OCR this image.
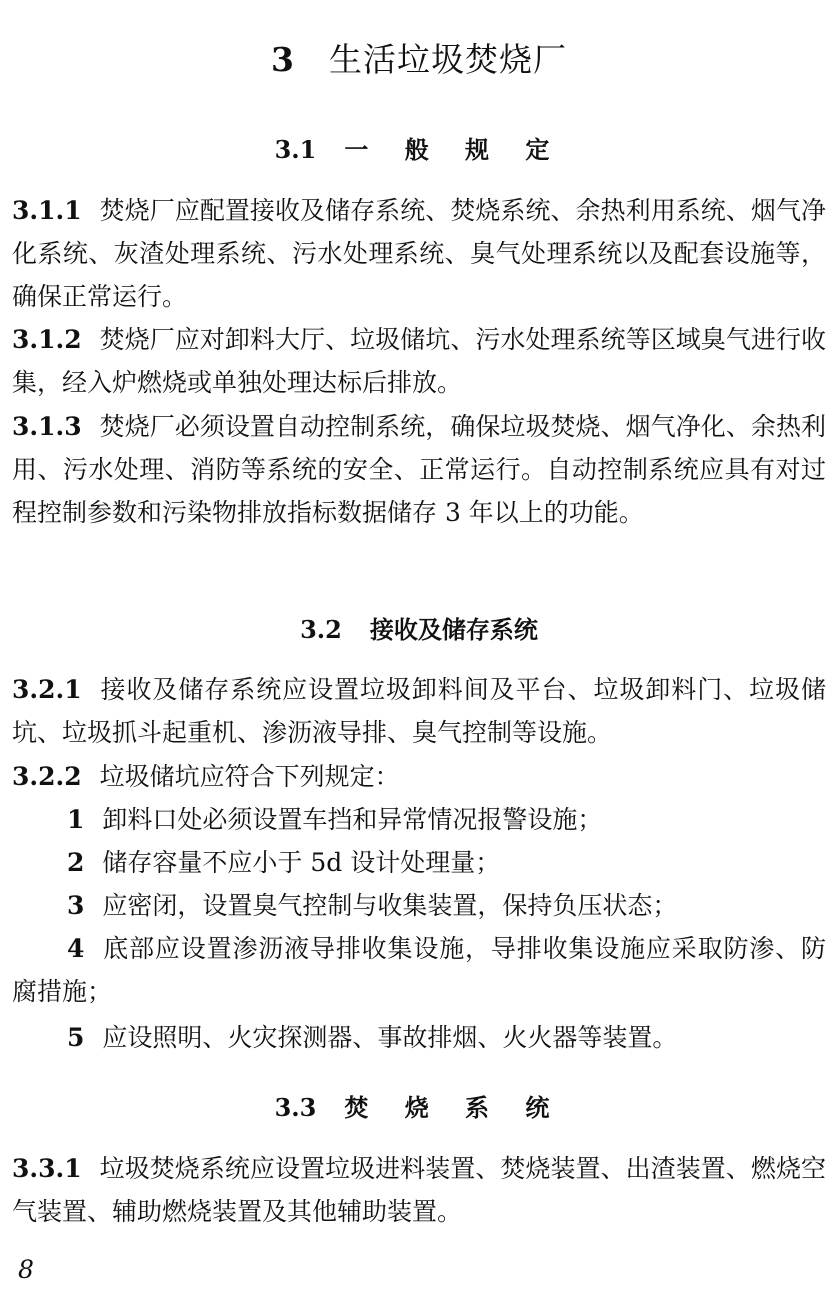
3 生活垃圾焚烧厂
3.1 一 般 规 定
3.1.1 焚烧厂应配置接收及储存系统、焚烧系统、余热利用系统、烟气净化系统、灰渣处理系统、污水处理系统、臭气处理系统以及配套设施等，确保正常运行。
3.1.2 焚烧厂应对卸料大厅、垃圾储坑、污水处理系统等区域臭气进行收集，经入炉燃烧或单独处理达标后排放。
3.1.3 焚烧厂必须设置自动控制系统，确保垃圾焚烧、烟气净化、余热利用、污水处理、消防等系统的安全、正常运行。自动控制系统应具有对过程控制参数和污染物排放指标数据储存 3 年以上的功能。
3.2 接收及储存系统
3.2.1 接收及储存系统应设置垃圾卸料间及平台、垃圾卸料门、垃圾储坑、垃圾抓斗起重机、渗沥液导排、臭气控制等设施。
3.2.2 垃圾储坑应符合下列规定：
1 卸料口处必须设置车挡和异常情况报警设施；
2 储存容量不应小于 5d 设计处理量；
3 应密闭，设置臭气控制与收集装置，保持负压状态；
4 底部应设置渗沥液导排收集设施，导排收集设施应采取防渗、防腐措施；
5 应设照明、火灾探测器、事故排烟、火火器等装置。
3.3 焚 烧 系 统
3.3.1 垃圾焚烧系统应设置垃圾进料装置、焚烧装置、出渣装置、燃烧空气装置、辅助燃烧装置及其他辅助装置。
8
